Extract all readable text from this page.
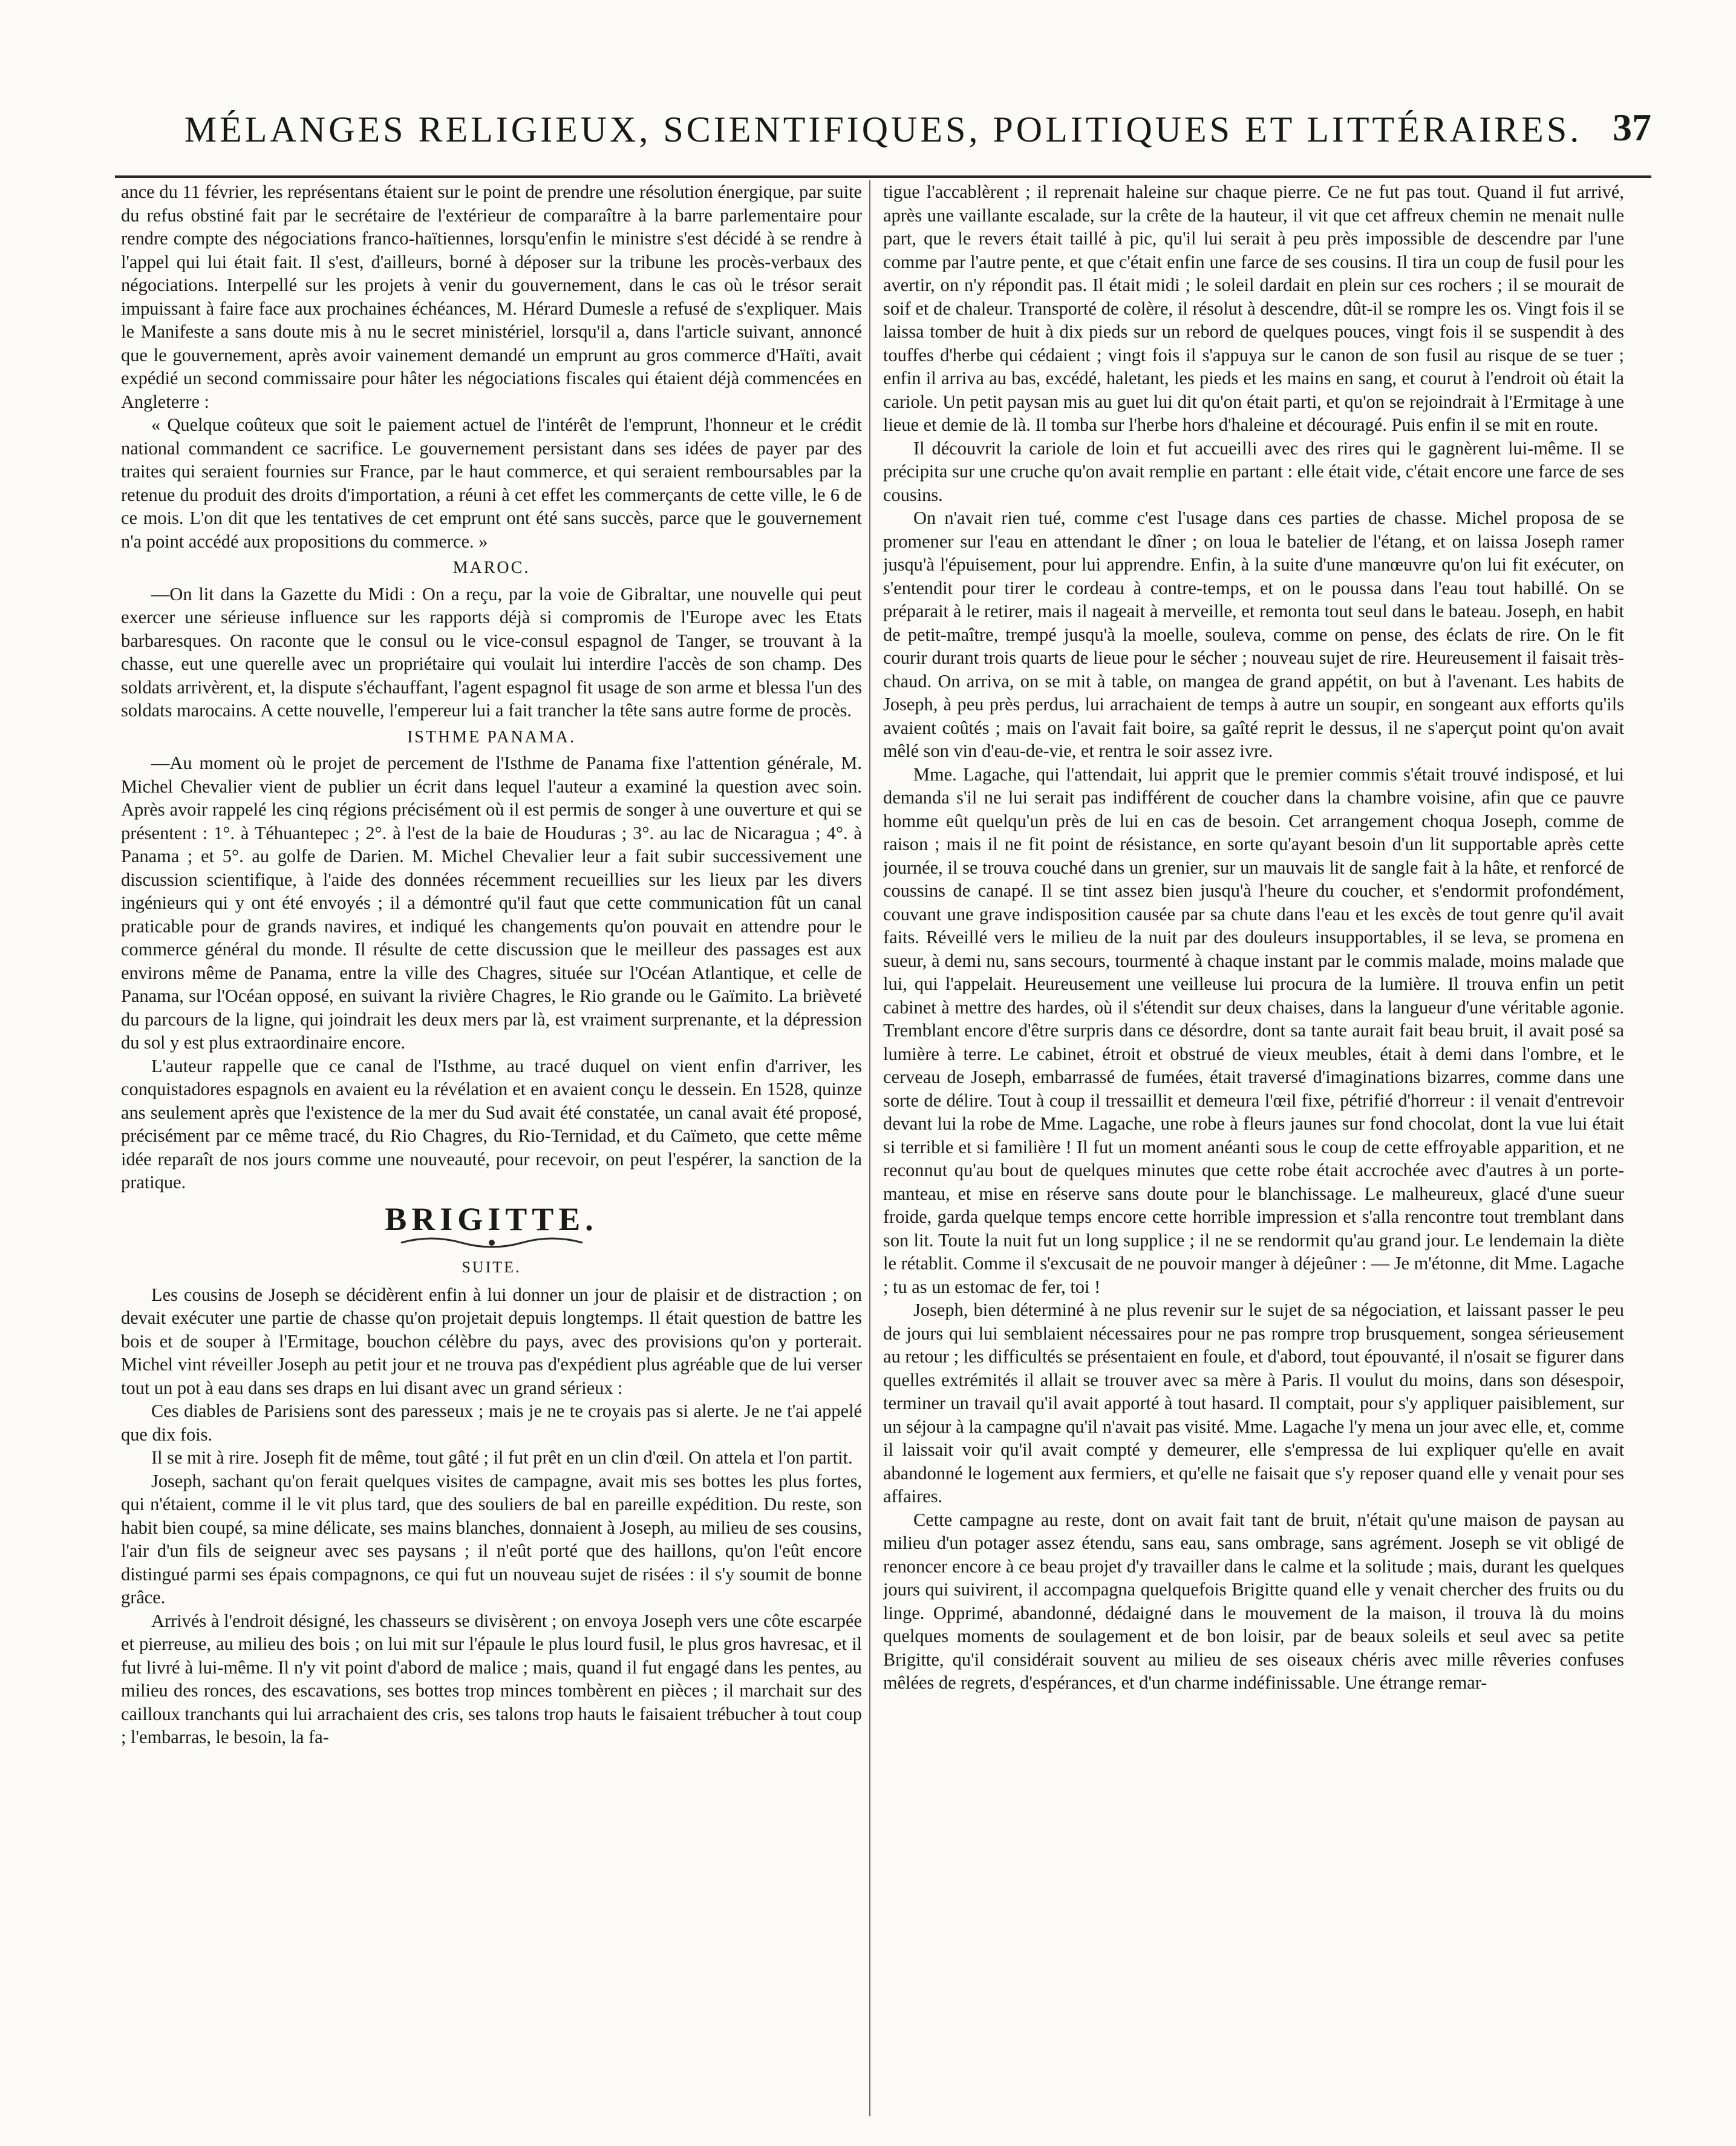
MÉLANGES RELIGIEUX, SCIENTIFIQUES, POLITIQUES ET LITTÉRAIRES. 37

ance du 11 février, les représentans étaient sur le point de prendre une résolution énergique, par suite du refus obstiné fait par le secrétaire de l'extérieur de comparaître à la barre parlementaire pour rendre compte des négociations franco-haïtiennes, lorsqu'enfin le ministre s'est décidé à se rendre à l'appel qui lui était fait. Il s'est, d'ailleurs, borné à déposer sur la tribune les procès-verbaux des négociations. Interpellé sur les projets à venir du gouvernement, dans le cas où le trésor serait impuissant à faire face aux prochaines échéances, M. Hérard Dumesle a refusé de s'expliquer. Mais le Manifeste a sans doute mis à nu le secret ministériel, lorsqu'il a, dans l'article suivant, annoncé que le gouvernement, après avoir vainement demandé un emprunt au gros commerce d'Haïti, avait expédié un second commissaire pour hâter les négociations fiscales qui étaient déjà commencées en Angleterre :

« Quelque coûteux que soit le paiement actuel de l'intérêt de l'emprunt, l'honneur et le crédit national commandent ce sacrifice. Le gouvernement persistant dans ses idées de payer par des traites qui seraient fournies sur France, par le haut commerce, et qui seraient remboursables par la retenue du produit des droits d'importation, a réuni à cet effet les commerçants de cette ville, le 6 de ce mois. L'on dit que les tentatives de cet emprunt ont été sans succès, parce que le gouvernement n'a point accédé aux propositions du commerce. »

MAROC.

—On lit dans la Gazette du Midi : On a reçu, par la voie de Gibraltar, une nouvelle qui peut exercer une sérieuse influence sur les rapports déjà si compromis de l'Europe avec les Etats barbaresques. On raconte que le consul ou le vice-consul espagnol de Tanger, se trouvant à la chasse, eut une querelle avec un propriétaire qui voulait lui interdire l'accès de son champ. Des soldats arrivèrent, et, la dispute s'échauffant, l'agent espagnol fit usage de son arme et blessa l'un des soldats marocains. A cette nouvelle, l'empereur lui a fait trancher la tête sans autre forme de procès.

ISTHME PANAMA.

—Au moment où le projet de percement de l'Isthme de Panama fixe l'attention générale, M. Michel Chevalier vient de publier un écrit dans lequel l'auteur a examiné la question avec soin. Après avoir rappelé les cinq régions précisément où il est permis de songer à une ouverture et qui se présentent : 1°. à Téhuantepec ; 2°. à l'est de la baie de Houduras ; 3°. au lac de Nicaragua ; 4°. à Panama ; et 5°. au golfe de Darien. M. Michel Chevalier leur a fait subir successivement une discussion scientifique, à l'aide des données récemment recueillies sur les lieux par les divers ingénieurs qui y ont été envoyés ; il a démontré qu'il faut que cette communication fût un canal praticable pour de grands navires, et indiqué les changements qu'on pouvait en attendre pour le commerce général du monde. Il résulte de cette discussion que le meilleur des passages est aux environs même de Panama, entre la ville des Chagres, située sur l'Océan Atlantique, et celle de Panama, sur l'Océan opposé, en suivant la rivière Chagres, le Rio grande ou le Gaïmito. La brièveté du parcours de la ligne, qui joindrait les deux mers par là, est vraiment surprenante, et la dépression du sol y est plus extraordinaire encore.

L'auteur rappelle que ce canal de l'Isthme, au tracé duquel on vient enfin d'arriver, les conquistadores espagnols en avaient eu la révélation et en avaient conçu le dessein. En 1528, quinze ans seulement après que l'existence de la mer du Sud avait été constatée, un canal avait été proposé, précisément par ce même tracé, du Rio Chagres, du Rio-Ternidad, et du Caïmeto, que cette même idée reparaît de nos jours comme une nouveauté, pour recevoir, on peut l'espérer, la sanction de la pratique.

BRIGITTE.
SUITE.

Les cousins de Joseph se décidèrent enfin à lui donner un jour de plaisir et de distraction ; on devait exécuter une partie de chasse qu'on projetait depuis longtemps. Il était question de battre les bois et de souper à l'Ermitage, bouchon célèbre du pays, avec des provisions qu'on y porterait. Michel vint réveiller Joseph au petit jour et ne trouva pas d'expédient plus agréable que de lui verser tout un pot à eau dans ses draps en lui disant avec un grand sérieux :

Ces diables de Parisiens sont des paresseux ; mais je ne te croyais pas si alerte. Je ne t'ai appelé que dix fois.

Il se mit à rire. Joseph fit de même, tout gâté ; il fut prêt en un clin d'œil. On attela et l'on partit.

Joseph, sachant qu'on ferait quelques visites de campagne, avait mis ses bottes les plus fortes, qui n'étaient, comme il le vit plus tard, que des souliers de bal en pareille expédition. Du reste, son habit bien coupé, sa mine délicate, ses mains blanches, donnaient à Joseph, au milieu de ses cousins, l'air d'un fils de seigneur avec ses paysans ; il n'eût porté que des haillons, qu'on l'eût encore distingué parmi ses épais compagnons, ce qui fut un nouveau sujet de risées : il s'y soumit de bonne grâce.

Arrivés à l'endroit désigné, les chasseurs se divisèrent ; on envoya Joseph vers une côte escarpée et pierreuse, au milieu des bois ; on lui mit sur l'épaule le plus lourd fusil, le plus gros havresac, et il fut livré à lui-même. Il n'y vit point d'abord de malice ; mais, quand il fut engagé dans les pentes, au milieu des ronces, des escavations, ses bottes trop minces tombèrent en pièces ; il marchait sur des cailloux tranchants qui lui arrachaient des cris, ses talons trop hauts le faisaient trébucher à tout coup ; l'embarras, le besoin, la fa-

tigue l'accablèrent ; il reprenait haleine sur chaque pierre. Ce ne fut pas tout. Quand il fut arrivé, après une vaillante escalade, sur la crête de la hauteur, il vit que cet affreux chemin ne menait nulle part, que le revers était taillé à pic, qu'il lui serait à peu près impossible de descendre par l'une comme par l'autre pente, et que c'était enfin une farce de ses cousins. Il tira un coup de fusil pour les avertir, on n'y répondit pas. Il était midi ; le soleil dardait en plein sur ces rochers ; il se mourait de soif et de chaleur. Transporté de colère, il résolut à descendre, dût-il se rompre les os. Vingt fois il se laissa tomber de huit à dix pieds sur un rebord de quelques pouces, vingt fois il se suspendit à des touffes d'herbe qui cédaient ; vingt fois il s'appuya sur le canon de son fusil au risque de se tuer ; enfin il arriva au bas, excédé, haletant, les pieds et les mains en sang, et courut à l'endroit où était la cariole. Un petit paysan mis au guet lui dit qu'on était parti, et qu'on se rejoindrait à l'Ermitage à une lieue et demie de là. Il tomba sur l'herbe hors d'haleine et découragé. Puis enfin il se mit en route.

Il découvrit la cariole de loin et fut accueilli avec des rires qui le gagnèrent lui-même. Il se précipita sur une cruche qu'on avait remplie en partant : elle était vide, c'était encore une farce de ses cousins.

On n'avait rien tué, comme c'est l'usage dans ces parties de chasse. Michel proposa de se promener sur l'eau en attendant le dîner ; on loua le batelier de l'étang, et on laissa Joseph ramer jusqu'à l'épuisement, pour lui apprendre. Enfin, à la suite d'une manœuvre qu'on lui fit exécuter, on s'entendit pour tirer le cordeau à contre-temps, et on le poussa dans l'eau tout habillé. On se préparait à le retirer, mais il nageait à merveille, et remonta tout seul dans le bateau. Joseph, en habit de petit-maître, trempé jusqu'à la moelle, souleva, comme on pense, des éclats de rire. On le fit courir durant trois quarts de lieue pour le sécher ; nouveau sujet de rire. Heureusement il faisait très-chaud. On arriva, on se mit à table, on mangea de grand appétit, on but à l'avenant. Les habits de Joseph, à peu près perdus, lui arrachaient de temps à autre un soupir, en songeant aux efforts qu'ils avaient coûtés ; mais on l'avait fait boire, sa gaîté reprit le dessus, il ne s'aperçut point qu'on avait mêlé son vin d'eau-de-vie, et rentra le soir assez ivre.

Mme. Lagache, qui l'attendait, lui apprit que le premier commis s'était trouvé indisposé, et lui demanda s'il ne lui serait pas indifférent de coucher dans la chambre voisine, afin que ce pauvre homme eût quelqu'un près de lui en cas de besoin. Cet arrangement choqua Joseph, comme de raison ; mais il ne fit point de résistance, en sorte qu'ayant besoin d'un lit supportable après cette journée, il se trouva couché dans un grenier, sur un mauvais lit de sangle fait à la hâte, et renforcé de coussins de canapé. Il se tint assez bien jusqu'à l'heure du coucher, et s'endormit profondément, couvant une grave indisposition causée par sa chute dans l'eau et les excès de tout genre qu'il avait faits. Réveillé vers le milieu de la nuit par des douleurs insupportables, il se leva, se promena en sueur, à demi nu, sans secours, tourmenté à chaque instant par le commis malade, moins malade que lui, qui l'appelait. Heureusement une veilleuse lui procura de la lumière. Il trouva enfin un petit cabinet à mettre des hardes, où il s'étendit sur deux chaises, dans la langueur d'une véritable agonie. Tremblant encore d'être surpris dans ce désordre, dont sa tante aurait fait beau bruit, il avait posé sa lumière à terre. Le cabinet, étroit et obstrué de vieux meubles, était à demi dans l'ombre, et le cerveau de Joseph, embarrassé de fumées, était traversé d'imaginations bizarres, comme dans une sorte de délire. Tout à coup il tressaillit et demeura l'œil fixe, pétrifié d'horreur : il venait d'entrevoir devant lui la robe de Mme. Lagache, une robe à fleurs jaunes sur fond chocolat, dont la vue lui était si terrible et si familière ! Il fut un moment anéanti sous le coup de cette effroyable apparition, et ne reconnut qu'au bout de quelques minutes que cette robe était accrochée avec d'autres à un porte-manteau, et mise en réserve sans doute pour le blanchissage. Le malheureux, glacé d'une sueur froide, garda quelque temps encore cette horrible impression et s'alla rencontre tout tremblant dans son lit. Toute la nuit fut un long supplice ; il ne se rendormit qu'au grand jour. Le lendemain la diète le rétablit. Comme il s'excusait de ne pouvoir manger à déjeûner : — Je m'étonne, dit Mme. Lagache ; tu as un estomac de fer, toi !

Joseph, bien déterminé à ne plus revenir sur le sujet de sa négociation, et laissant passer le peu de jours qui lui semblaient nécessaires pour ne pas rompre trop brusquement, songea sérieusement au retour ; les difficultés se présentaient en foule, et d'abord, tout épouvanté, il n'osait se figurer dans quelles extrémités il allait se trouver avec sa mère à Paris. Il voulut du moins, dans son désespoir, terminer un travail qu'il avait apporté à tout hasard. Il comptait, pour s'y appliquer paisiblement, sur un séjour à la campagne qu'il n'avait pas visité. Mme. Lagache l'y mena un jour avec elle, et, comme il laissait voir qu'il avait compté y demeurer, elle s'empressa de lui expliquer qu'elle en avait abandonné le logement aux fermiers, et qu'elle ne faisait que s'y reposer quand elle y venait pour ses affaires.

Cette campagne au reste, dont on avait fait tant de bruit, n'était qu'une maison de paysan au milieu d'un potager assez étendu, sans eau, sans ombrage, sans agrément. Joseph se vit obligé de renoncer encore à ce beau projet d'y travailler dans le calme et la solitude ; mais, durant les quelques jours qui suivirent, il accompagna quelquefois Brigitte quand elle y venait chercher des fruits ou du linge. Opprimé, abandonné, dédaigné dans le mouvement de la maison, il trouva là du moins quelques moments de soulagement et de bon loisir, par de beaux soleils et seul avec sa petite Brigitte, qu'il considérait souvent au milieu de ses oiseaux chéris avec mille rêveries confuses mêlées de regrets, d'espérances, et d'un charme indéfinissable. Une étrange remar-
